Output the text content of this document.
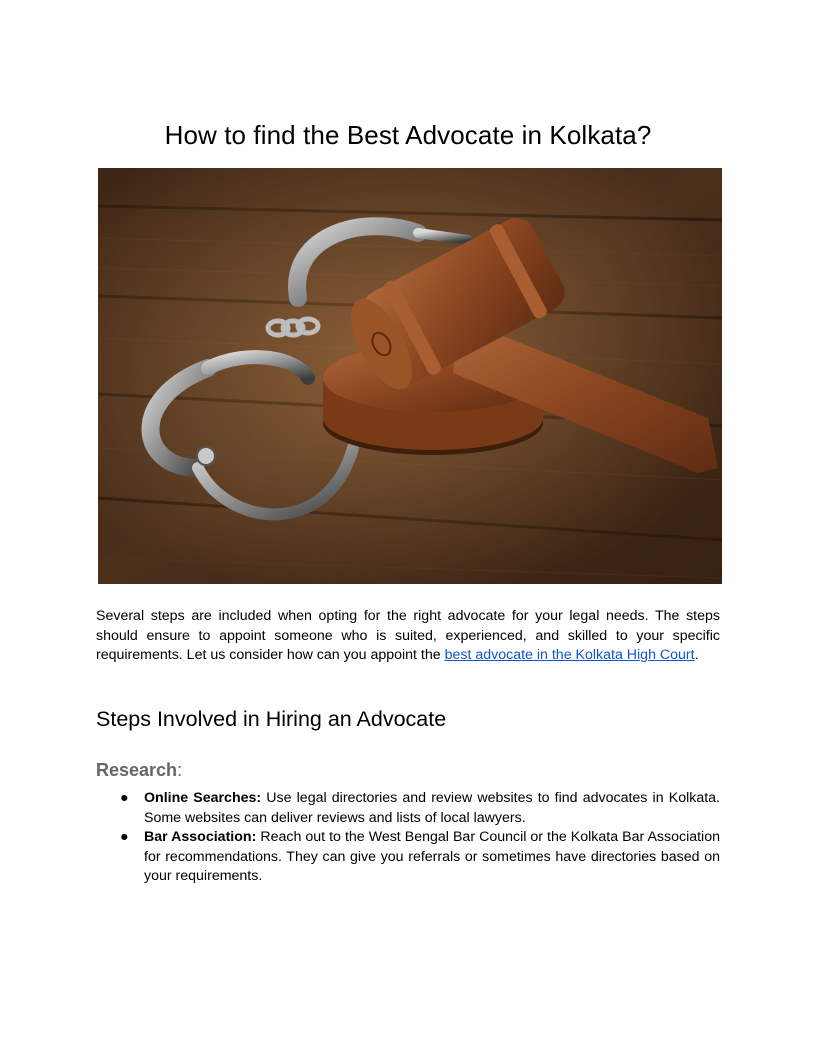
How to find the Best Advocate in Kolkata?

Several steps are included when opting for the right advocate for your legal needs. The steps should ensure to appoint someone who is suited, experienced, and skilled to your specific requirements. Let us consider how can you appoint the best advocate in the Kolkata High Court.

Steps Involved in Hiring an Advocate
Research:
● Online Searches: Use legal directories and review websites to find advocates in Kolkata. Some websites can deliver reviews and lists of local lawyers.
● Bar Association: Reach out to the West Bengal Bar Council or the Kolkata Bar Association for recommendations. They can give you referrals or sometimes have directories based on your requirements.
